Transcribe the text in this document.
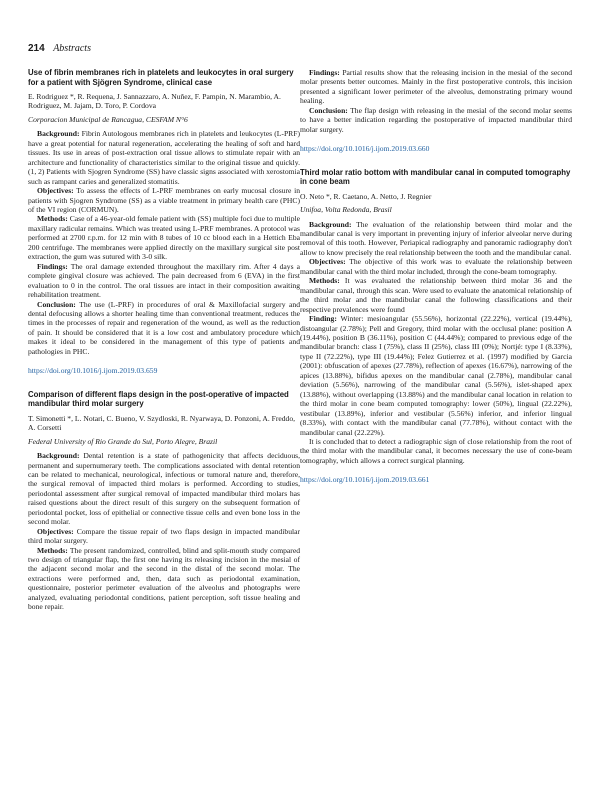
214 Abstracts
Use of fibrin membranes rich in platelets and leukocytes in oral surgery for a patient with Sjögren Syndrome, clinical case
E. Rodriguez *, R. Requena, J. Sannazzaro, A. Nuñez, F. Pampin, N. Marambio, A. Rodriguez, M. Jajam, D. Toro, P. Cordova
Corporacion Municipal de Rancagua, CESFAM N°6

Background: Fibrin Autologous membranes rich in platelets and leukocytes (L-PRF) have a great potential for natural regeneration, accelerating the healing of soft and hard tissues. Its use in areas of post-extraction oral tissue allows to stimulate repair with an architecture and functionality of characteristics similar to the original tissue and quickly. (1, 2) Patients with Sjogren Syndrome (SS) have classic signs associated with xerostomia such as rampant caries and generalized stomatitis.

Objectives: To assess the effects of L-PRF membranes on early mucosal closure in patients with Sjogren Syndrome (SS) as a viable treatment in primary health care (PHC) of the VI region (CORMUN).

Methods: Case of a 46-year-old female patient with (SS) multiple foci due to multiple maxillary radicular remains. Which was treated using L-PRF membranes. A protocol was performed at 2700 r.p.m. for 12 min with 8 tubes of 10 cc blood each in a Hettich Eba 200 centrifuge. The membranes were applied directly on the maxillary surgical site post extraction, the gum was sutured with 3-0 silk.

Findings: The oral damage extended throughout the maxillary rim. After 4 days a complete gingival closure was achieved. The pain decreased from 6 (EVA) in the first evaluation to 0 in the control. The oral tissues are intact in their composition awaiting rehabilitation treatment.

Conclusion: The use (L-PRF) in procedures of oral & Maxillofacial surgery and dental defocusing allows a shorter healing time than conventional treatment, reduces the times in the processes of repair and regeneration of the wound, as well as the reduction of pain. It should be considered that it is a low cost and ambulatory procedure which makes it ideal to be considered in the management of this type of patients and pathologies in PHC.

https://doi.org/10.1016/j.ijom.2019.03.659

Comparison of different flaps design in the post-operative of impacted mandibular third molar surgery
T. Simonetti *, L. Notari, C. Bueno, V. Szydloski, R. Nyarwaya, D. Ponzoni, A. Freddo, A. Corsetti
Federal University of Rio Grande do Sul, Porto Alegre, Brazil

Background: Dental retention is a state of pathogenicity that affects deciduous, permanent and supernumerary teeth. The complications associated with dental retention can be related to mechanical, neurological, infectious or tumoral nature and, therefore, the surgical removal of impacted third molars is performed. According to studies, periodontal assessment after surgical removal of impacted mandibular third molars has raised questions about the direct result of this surgery on the subsequent formation of periodontal pocket, loss of epithelial or connective tissue cells and even bone loss in the second molar.

Objectives: Compare the tissue repair of two flaps design in impacted mandibular third molar surgery.

Methods: The present randomized, controlled, blind and split-mouth study compared two design of triangular flap, the first one having its releasing incision in the mesial of the adjacent second molar and the second in the distal of the second molar. The extractions were performed and, then, data such as periodontal examination, questionnaire, posterior perimeter evaluation of the alveolus and photographs were analyzed, evaluating periodontal conditions, patient perception, soft tissue healing and bone repair.

Findings: Partial results show that the releasing incision in the mesial of the second molar presents better outcomes. Mainly in the first postoperative controls, this incision presented a significant lower perimeter of the alveolus, demonstrating primary wound healing.

Conclusion: The flap design with releasing in the mesial of the second molar seems to have a better indication regarding the postoperative of impacted mandibular third molar surgery.

https://doi.org/10.1016/j.ijom.2019.03.660

Third molar ratio bottom with mandibular canal in computed tomography in cone beam
O. Neto *, R. Caetano, A. Netto, J. Regnier
Unifoa, Volta Redonda, Brasil

Background: The evaluation of the relationship between third molar and the mandibular canal is very important in preventing injury of inferior alveolar nerve during removal of this tooth. However, Periapical radiography and panoramic radiography don't allow to know precisely the real relationship between the tooth and the mandibular canal.

Objectives: The objective of this work was to evaluate the relationship between mandibular canal with the third molar included, through the cone-beam tomography.

Methods: It was evaluated the relationship between third molar 36 and the mandibular canal, through this scan. Were used to evaluate the anatomical relationship of the third molar and the mandibular canal the following classifications and their respective prevalences were found

Finding: Winter: mesioangular (55.56%), horizontal (22.22%), vertical (19.44%), distoangular (2.78%); Pell and Gregory, third molar with the occlusal plane: position A (19.44%), position B (36.11%), position C (44.44%); compared to previous edge of the mandibular branch: class I (75%), class II (25%), class III (0%); Nortjé: type I (8.33%), type II (72.22%), type III (19.44%); Felez Gutierrez et al. (1997) modified by Garcia (2001): obfuscation of apexes (27.78%), reflection of apexes (16.67%), narrowing of the apices (13.88%), bifidus apexes on the mandibular canal (2.78%), mandibular canal deviation (5.56%), narrowing of the mandibular canal (5.56%), islet-shaped apex (13.88%), without overlapping (13.88%) and the mandibular canal location in relation to the third molar in cone beam computed tomography: lower (50%), lingual (22.22%), vestibular (13.89%), inferior and vestibular (5.56%) inferior, and inferior lingual (8.33%), with contact with the mandibular canal (77.78%), without contact with the mandibular canal (22.22%).

It is concluded that to detect a radiographic sign of close relationship from the root of the third molar with the mandibular canal, it becomes necessary the use of cone-beam tomography, which allows a correct surgical planning.

https://doi.org/10.1016/j.ijom.2019.03.661
